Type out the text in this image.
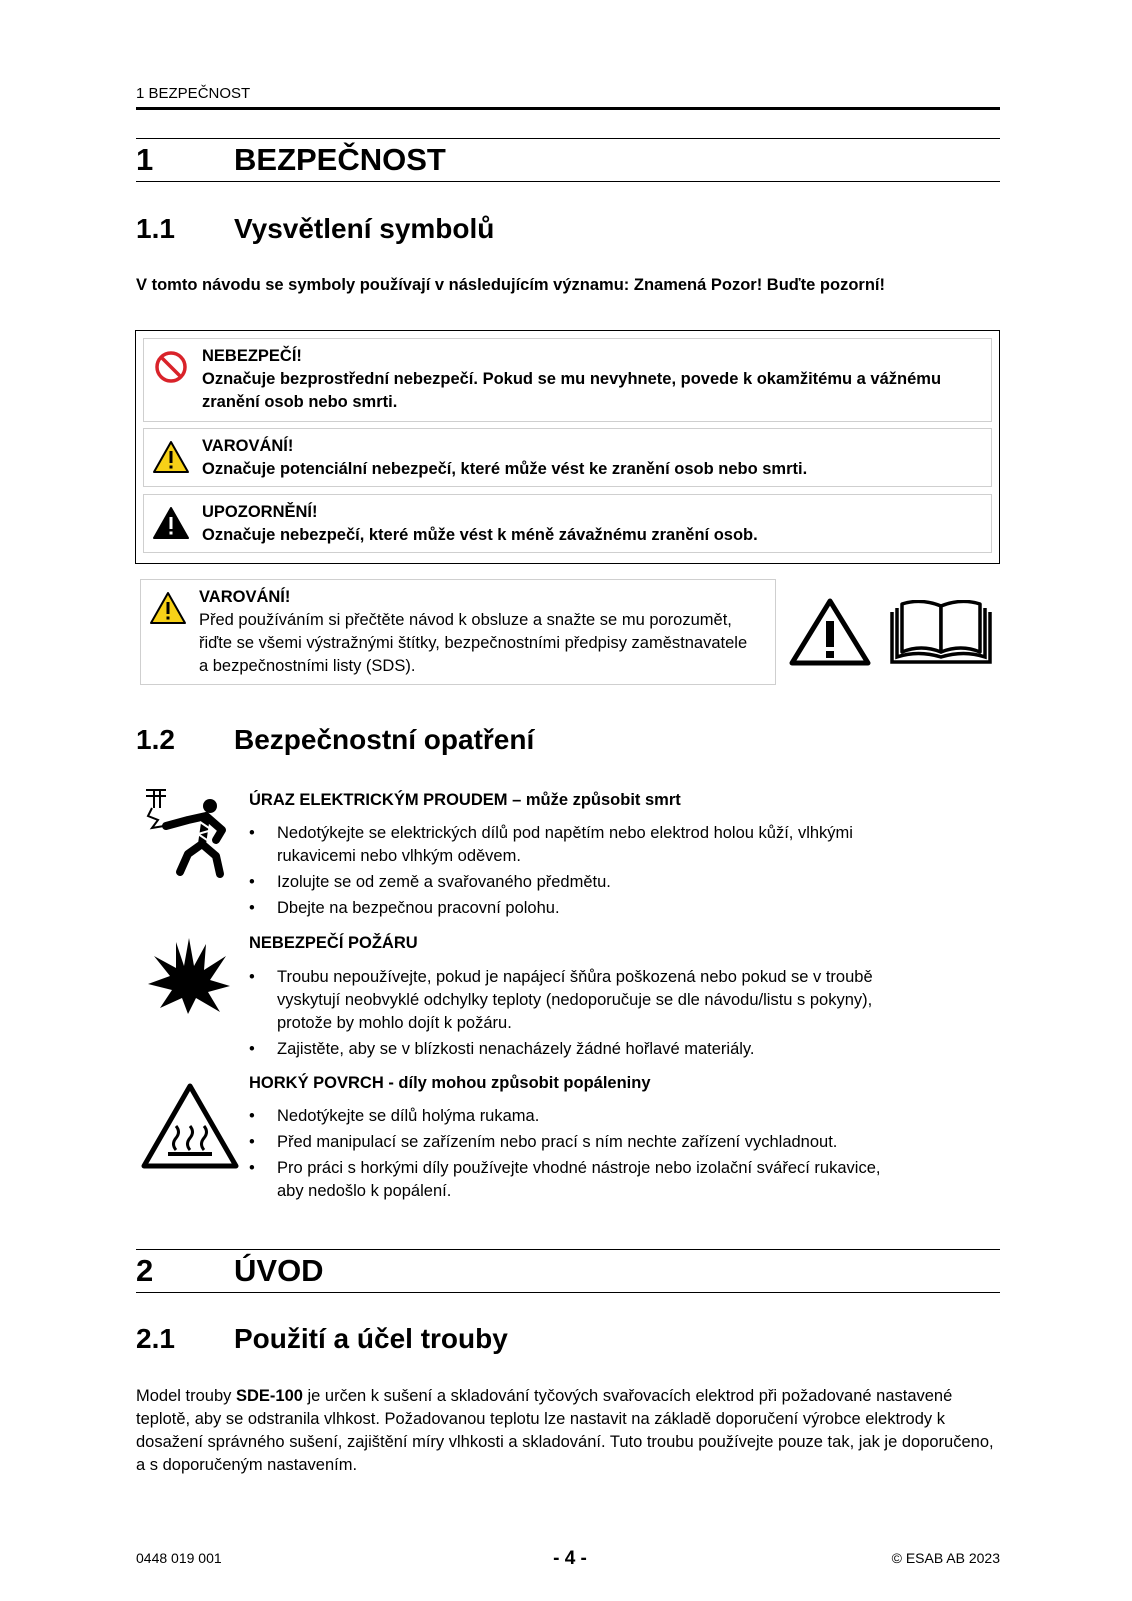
1 BEZPEČNOST
1	BEZPEČNOST
1.1 Vysvětlení symbolů
V tomto návodu se symboly používají v následujícím významu: Znamená Pozor! Buďte pozorní!
NEBEZPEČÍ!
Označuje bezprostřední nebezpečí. Pokud se mu nevyhnete, povede k okamžitému a vážnému zranění osob nebo smrti.
VAROVÁNÍ!
Označuje potenciální nebezpečí, které může vést ke zranění osob nebo smrti.
UPOZORNĚNÍ!
Označuje nebezpečí, které může vést k méně závažnému zranění osob.
VAROVÁNÍ!
Před používáním si přečtěte návod k obsluze a snažte se mu porozumět, řiďte se všemi výstražnými štítky, bezpečnostními předpisy zaměstnavatele a bezpečnostními listy (SDS).
1.2 Bezpečnostní opatření
ÚRAZ ELEKTRICKÝM PROUDEM – může způsobit smrt
• Nedotýkejte se elektrických dílů pod napětím nebo elektrod holou kůží, vlhkými rukavicemi nebo vlhkým oděvem.
• Izolujte se od země a svařovaného předmětu.
• Dbejte na bezpečnou pracovní polohu.
NEBEZPEČÍ POŽÁRU
• Troubu nepoužívejte, pokud je napájecí šňůra poškozená nebo pokud se v troubě vyskytují neobvyklé odchylky teploty (nedoporučuje se dle návodu/listu s pokyny), protože by mohlo dojít k požáru.
• Zajistěte, aby se v blízkosti nenacházely žádné hořlavé materiály.
HORKÝ POVRCH - díly mohou způsobit popáleniny
• Nedotýkejte se dílů holýma rukama.
• Před manipulací se zařízením nebo prací s ním nechte zařízení vychladnout.
• Pro práci s horkými díly používejte vhodné nástroje nebo izolační svářecí rukavice, aby nedošlo k popálení.
2	ÚVOD
2.1 Použití a účel trouby
Model trouby SDE-100 je určen k sušení a skladování tyčových svařovacích elektrod při požadované nastavené teplotě, aby se odstranila vlhkost. Požadovanou teplotu lze nastavit na základě doporučení výrobce elektrody k dosažení správného sušení, zajištění míry vlhkosti a skladování. Tuto troubu používejte pouze tak, jak je doporučeno, a s doporučeným nastavením.
0448 019 001	- 4 -	© ESAB AB 2023
